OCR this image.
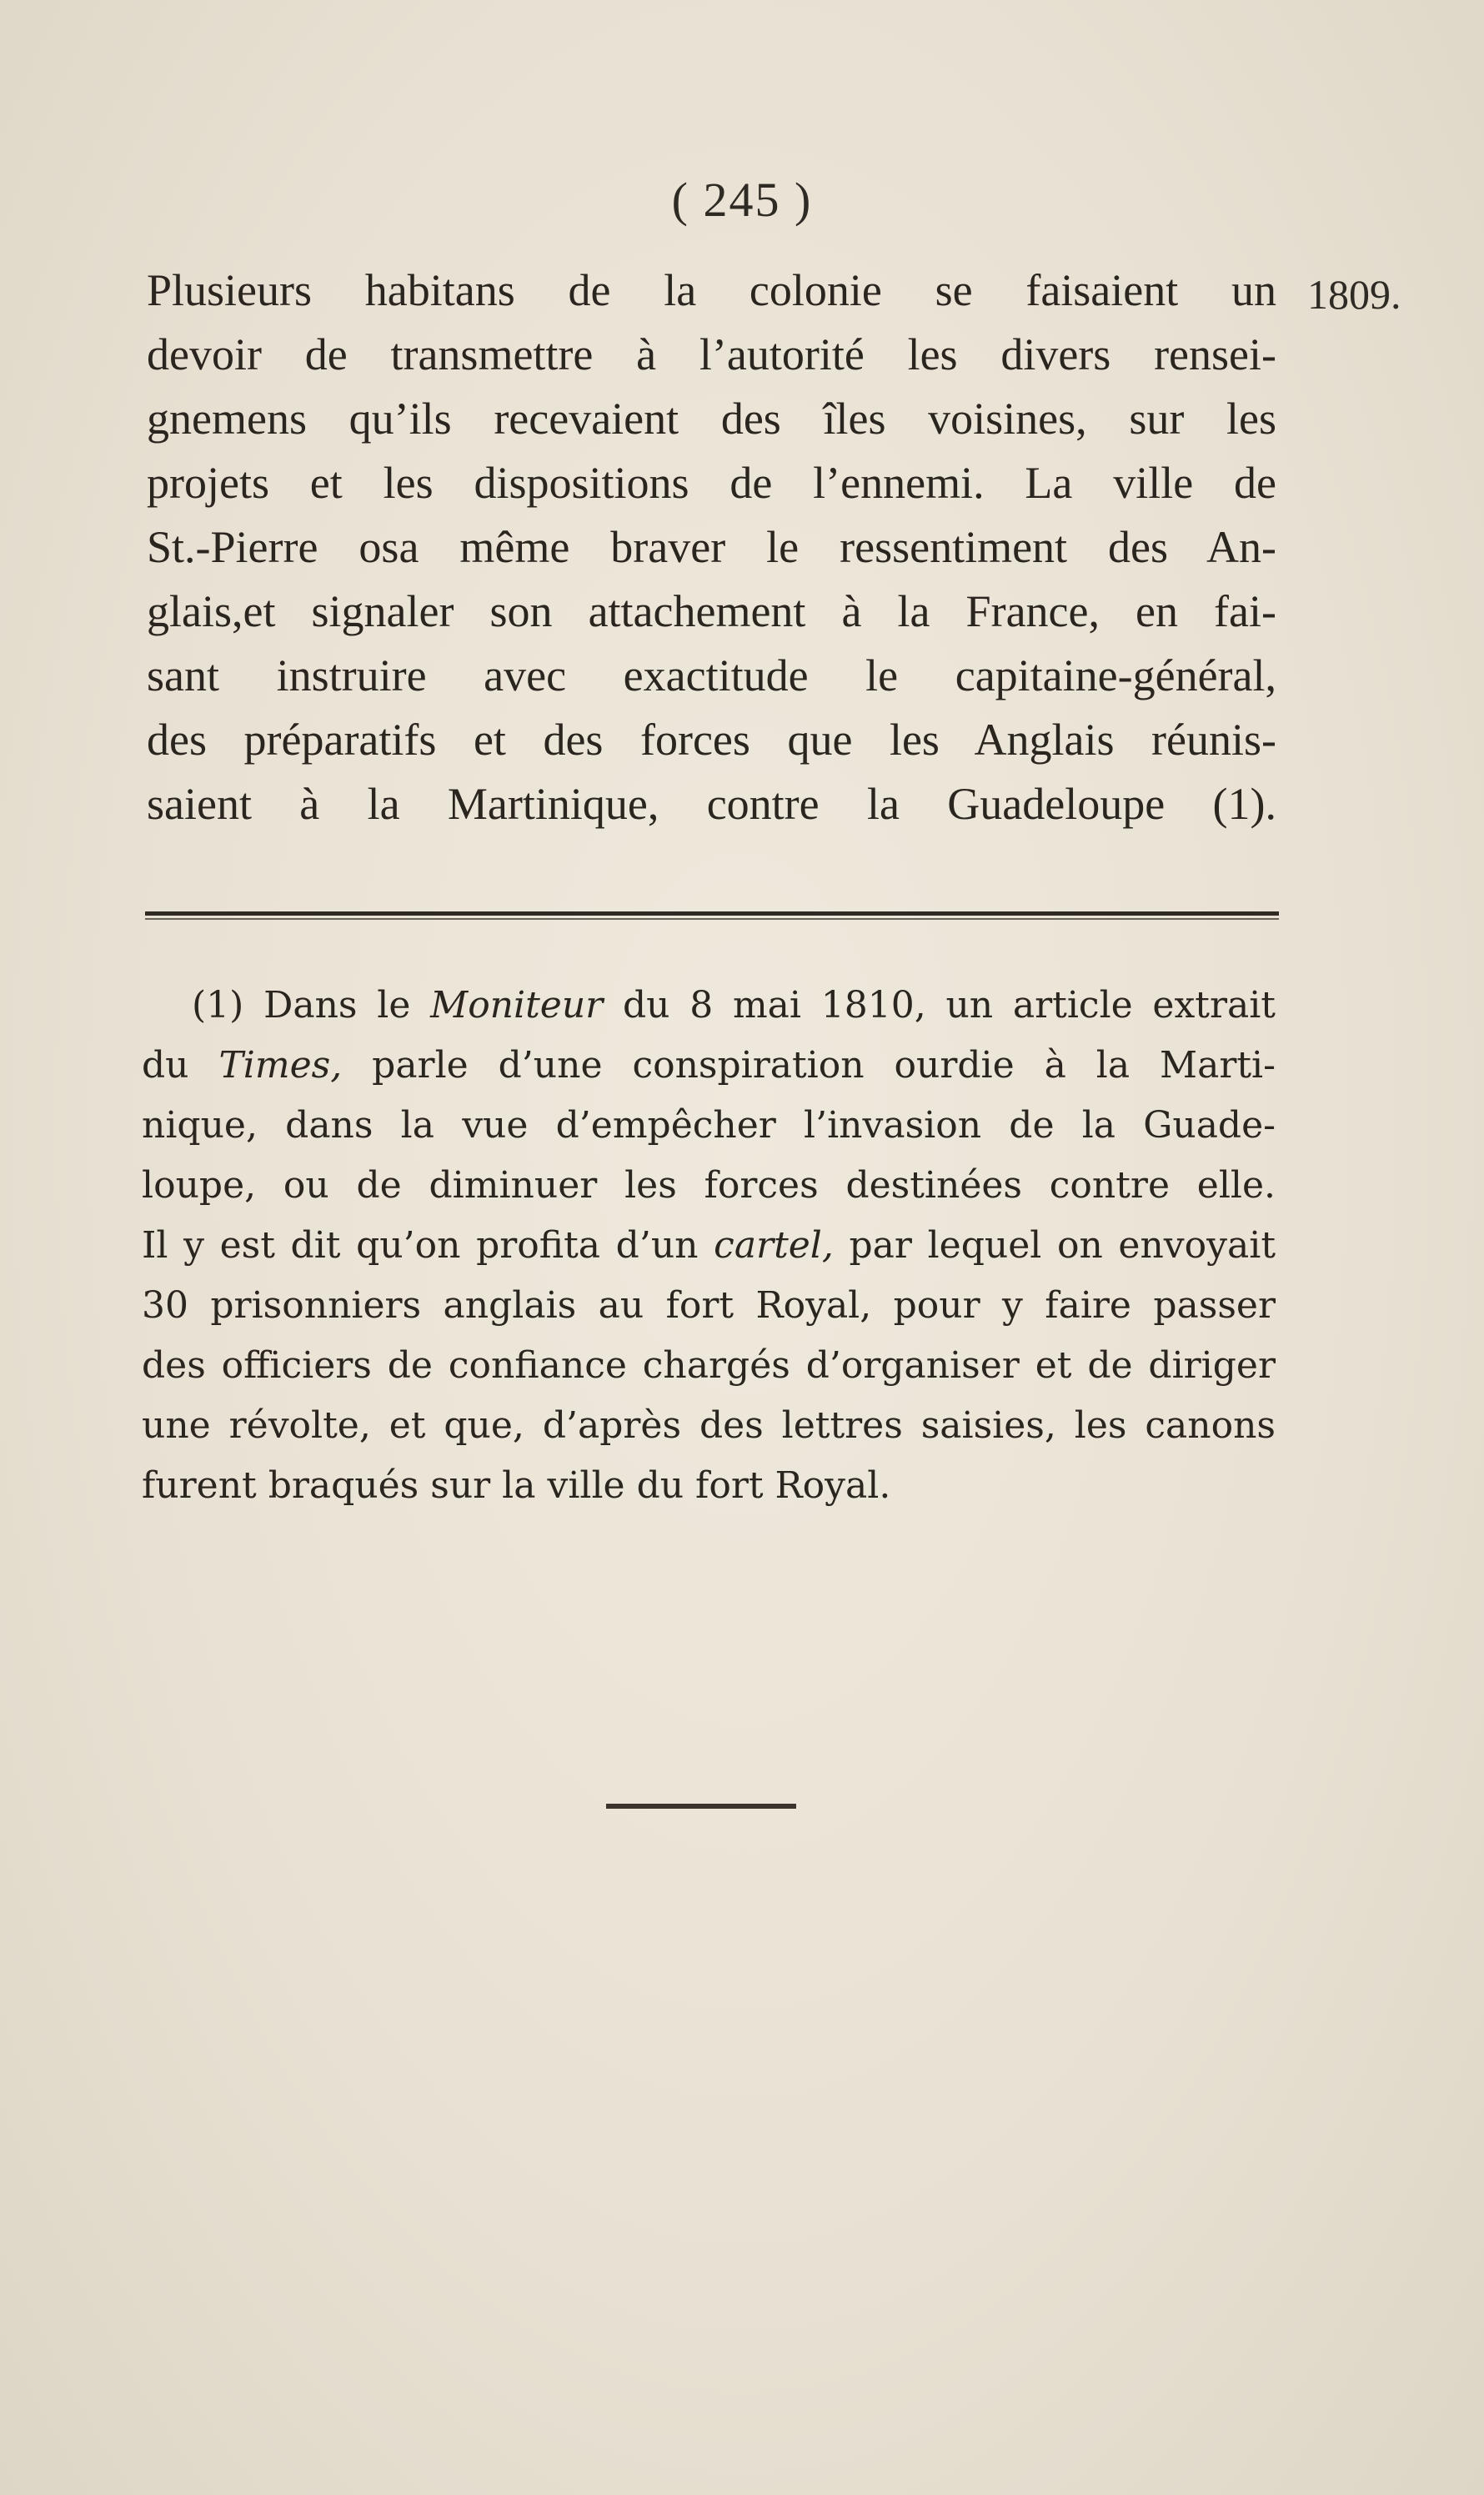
( 245 )
1809.
Plusieurs habitans de la colonie se faisaient un
devoir de transmettre à l’autorité les divers rensei-
gnemens qu’ils recevaient des îles voisines, sur les
projets et les dispositions de l’ennemi. La ville de
St.-Pierre osa même braver le ressentiment des An-
glais,et signaler son attachement à la France, en fai-
sant instruire avec exactitude le capitaine-général,
des préparatifs et des forces que les Anglais réunis-
saient à la Martinique, contre la Guadeloupe (1).
(1) Dans le Moniteur du 8 mai 1810, un article extrait
du Times, parle d’une conspiration ourdie à la Marti-
nique, dans la vue d’empêcher l’invasion de la Guade-
loupe, ou de diminuer les forces destinées contre elle.
Il y est dit qu’on profita d’un cartel, par lequel on envoyait
30 prisonniers anglais au fort Royal, pour y faire passer
des officiers de confiance chargés d’organiser et de diriger
une révolte, et que, d’après des lettres saisies, les canons
furent braqués sur la ville du fort Royal.
